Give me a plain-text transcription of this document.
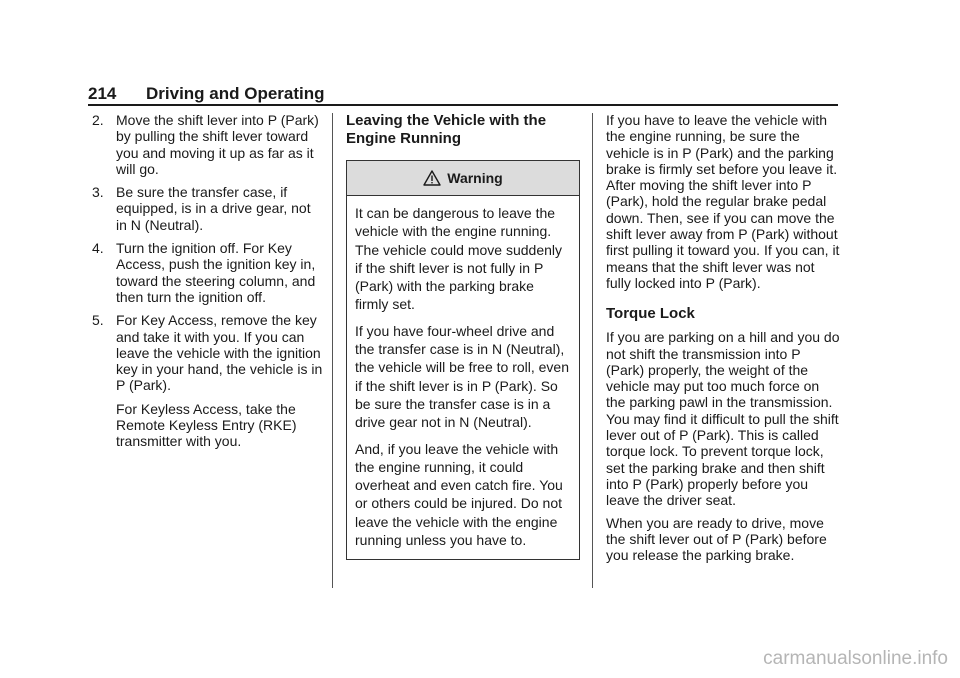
214 Driving and Operating
2. Move the shift lever into P (Park) by pulling the shift lever toward you and moving it up as far as it will go.
3. Be sure the transfer case, if equipped, is in a drive gear, not in N (Neutral).
4. Turn the ignition off. For Key Access, push the ignition key in, toward the steering column, and then turn the ignition off.
5. For Key Access, remove the key and take it with you. If you can leave the vehicle with the ignition key in your hand, the vehicle is in P (Park).
For Keyless Access, take the Remote Keyless Entry (RKE) transmitter with you.
Leaving the Vehicle with the Engine Running
Warning

It can be dangerous to leave the vehicle with the engine running. The vehicle could move suddenly if the shift lever is not fully in P (Park) with the parking brake firmly set.

If you have four-wheel drive and the transfer case is in N (Neutral), the vehicle will be free to roll, even if the shift lever is in P (Park). So be sure the transfer case is in a drive gear not in N (Neutral).

And, if you leave the vehicle with the engine running, it could overheat and even catch fire. You or others could be injured. Do not leave the vehicle with the engine running unless you have to.

If you have to leave the vehicle with the engine running, be sure the vehicle is in P (Park) and the parking brake is firmly set before you leave it. After moving the shift lever into P (Park), hold the regular brake pedal down. Then, see if you can move the shift lever away from P (Park) without first pulling it toward you. If you can, it means that the shift lever was not fully locked into P (Park).

Torque Lock

If you are parking on a hill and you do not shift the transmission into P (Park) properly, the weight of the vehicle may put too much force on the parking pawl in the transmission. You may find it difficult to pull the shift lever out of P (Park). This is called torque lock. To prevent torque lock, set the parking brake and then shift into P (Park) properly before you leave the driver seat.

When you are ready to drive, move the shift lever out of P (Park) before you release the parking brake.

carmanualsonline.info
